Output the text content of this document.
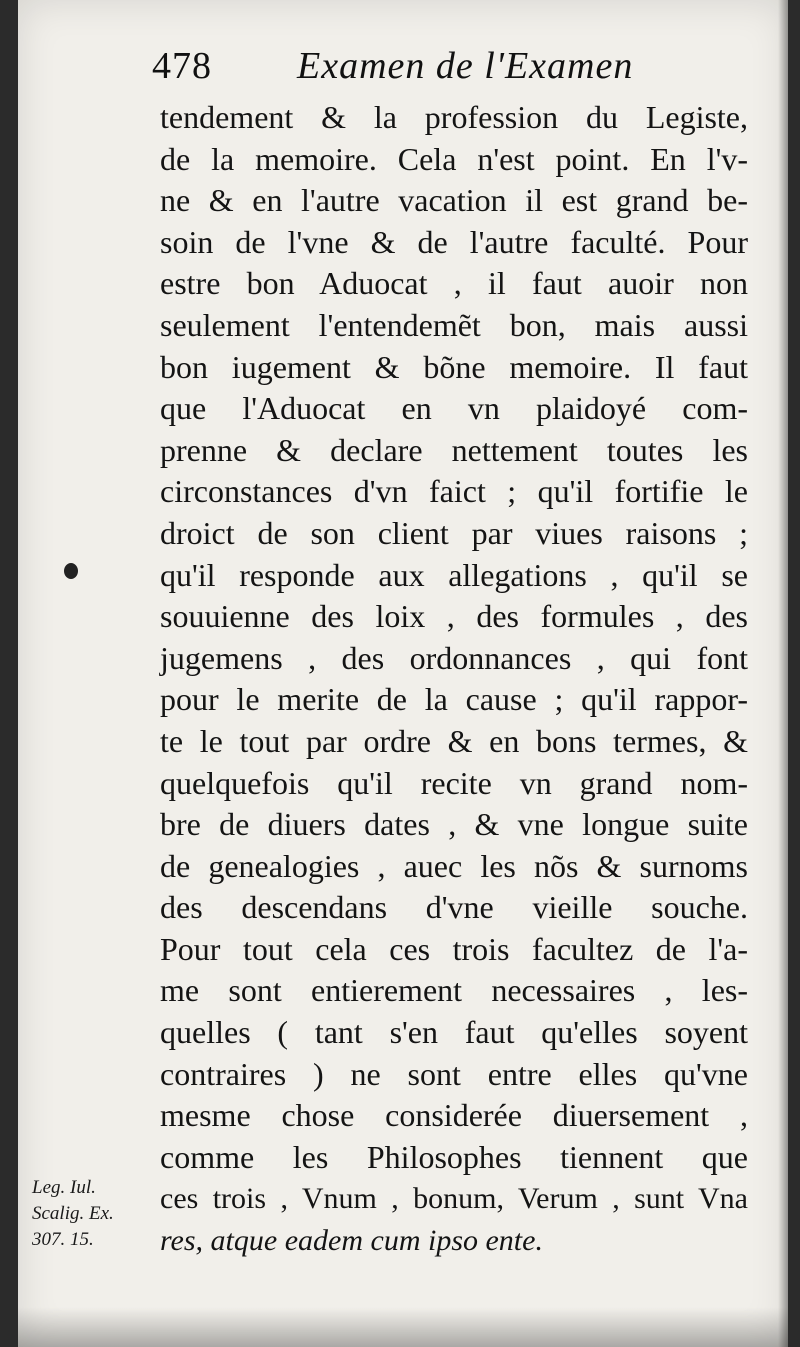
478 Examen de l'Examen
tendement & la profession du Legiste,
de la memoire. Cela n'est point. En l'v-
ne & en l'autre vacation il est grand be-
soin de l'vne & de l'autre faculté. Pour
estre bon Aduocat , il faut auoir non
seulement l'entendemẽt bon, mais aussi
bon iugement & bõne memoire. Il faut
que l'Aduocat en vn plaidoyé com-
prenne & declare nettement toutes les
circonstances d'vn faict ; qu'il fortifie le
droict de son client par viues raisons ;
qu'il responde aux allegations , qu'il se
souuienne des loix , des formules , des
jugemens , des ordonnances , qui font
pour le merite de la cause ; qu'il rappor-
te le tout par ordre & en bons termes, &
quelquefois qu'il recite vn grand nom-
bre de diuers dates , & vne longue suite
de genealogies , auec les nõs & surnoms
des descendans d'vne vieille souche.
Pour tout cela ces trois facultez de l'a-
me sont entierement necessaires , les-
quelles ( tant s'en faut qu'elles soyent
contraires ) ne sont entre elles qu'vne
mesme chose considerée diuersement ,
comme les Philosophes tiennent que
ces trois , Vnum , bonum, Verum , sunt Vna
res, atque eadem cum ipso ente.
Leg. Iul.
Scalig. Ex.
307. 15.
